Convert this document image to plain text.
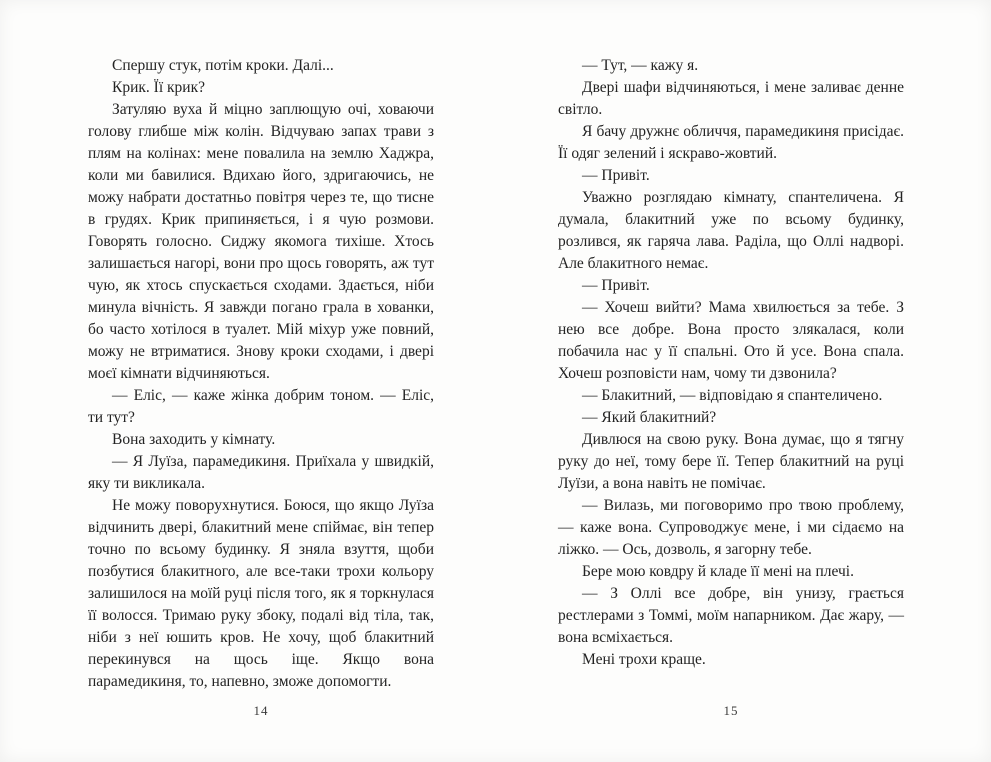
Спершу стук, потім кроки. Далі...

Крик. Її крик?

Затуляю вуха й міцно заплющую очі, ховаючи голову глибше між колін. Відчуваю запах трави з плям на колінах: мене повалила на землю Хаджра, коли ми бавилися. Вдихаю його, здригаючись, не можу набрати достатньо повітря через те, що тисне в грудях. Крик припиняється, і я чую розмови. Говорять голосно. Сиджу якомога тихіше. Хтось залишається нагорі, вони про щось говорять, аж тут чую, як хтось спускається сходами. Здається, ніби минула вічність. Я завжди погано грала в хованки, бо часто хотілося в туалет. Мій міхур уже повний, можу не втриматися. Знову кроки сходами, і двері моєї кімнати відчиняються.

— Еліс, — каже жінка добрим тоном. — Еліс, ти тут?

Вона заходить у кімнату.

— Я Луїза, парамедикиня. Приїхала у швидкій, яку ти викликала.

Не можу поворухнутися. Боюся, що якщо Луїза відчинить двері, блакитний мене спіймає, він тепер точно по всьому будинку. Я зняла взуття, щоби позбутися блакитного, але все-таки трохи кольору залишилося на моїй руці після того, як я торкнулася її волосся. Тримаю руку збоку, подалі від тіла, так, ніби з неї юшить кров. Не хочу, щоб блакитний перекинувся на щось іще. Якщо вона парамедикиня, то, напевно, зможе допомогти.

— Тут, — кажу я.

Двері шафи відчиняються, і мене заливає денне світло.

Я бачу дружнє обличчя, парамедикиня присідає. Її одяг зелений і яскраво-жовтий.

— Привіт.

Уважно розглядаю кімнату, спантеличена. Я думала, блакитний уже по всьому будинку, розлився, як гаряча лава. Раділа, що Оллі надворі. Але блакитного немає.

— Привіт.

— Хочеш вийти? Мама хвилюється за тебе. З нею все добре. Вона просто злякалася, коли побачила нас у її спальні. Ото й усе. Вона спала. Хочеш розповісти нам, чому ти дзвонила?

— Блакитний, — відповідаю я спантеличено.

— Який блакитний?

Дивлюся на свою руку. Вона думає, що я тягну руку до неї, тому бере її. Тепер блакитний на руці Луїзи, а вона навіть не помічає.

— Вилазь, ми поговоримо про твою проблему, — каже вона. Супроводжує мене, і ми сідаємо на ліжко. — Ось, дозволь, я загорну тебе.

Бере мою ковдру й кладе її мені на плечі.

— З Оллі все добре, він унизу, грається рестлерами з Томмі, моїм напарником. Дає жару, — вона всміхається.

Мені трохи краще.

14	15
